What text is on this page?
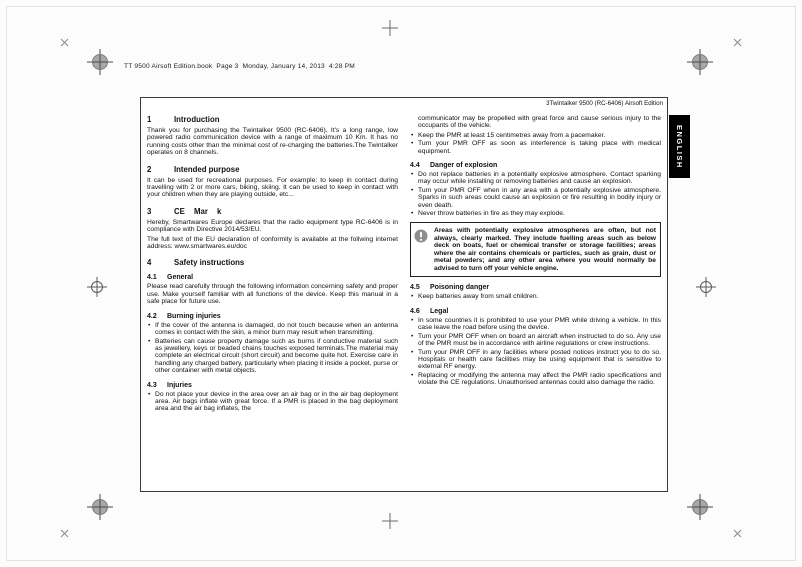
TT 9500 Airsoft Edition.book  Page 3  Monday, January 14, 2013  4:28 PM
3Twintalker 9500 (RC-6406) Airsoft Edition
1	Introduction

Thank you for purchasing the Twintalker 9500 (RC-6406). It's a long range, low powered radio communication device with a range of maximum 10 Km. It has no running costs other than the minimal cost of re-charging the batteries.The Twintalker operates on 8 channels.

2	Intended purpose

It can be used for recreational purposes. For example: to keep in contact during travelling with 2 or more cars, biking, skiing. It can be used to keep in contact with your children when they are playing outside, etc...

3	CE Mar k

Hereby, Smartwares Europe declares that the radio equipment type RC-6406 is in compliance with Directive 2014/53/EU.

The full text of the EU declaration of conformity is available at the follwing internet address: www.smartwares.eu/doc

4	Safety instructions
4.1	General

Please read carefully through the following information concerning safety and proper use. Make yourself familiar with all functions of the device. Keep this manual in a safe place for future use.

4.2	Burning injuries
• If the cover of the antenna is damaged, do not touch because when an antenna comes in contact with the skin, a minor burn may result when transmitting.
• Batteries can cause property damage such as burns if conductive material such as jewellery, keys or beaded chains touches exposed terminals.The material may complete an electrical circuit (short circuit) and become quite hot. Exercise care in handling any charged battery, particularly when placing it inside a pocket, purse or other container with metal objects.
4.3	Injuries
• Do not place your device in the area over an air bag or in the air bag deployment area. Air bags inflate with great force. If a PMR is placed in the bag deployment area and the air bag inflates, the

communicator may be propelled with great force and cause serious injury to the occupants of the vehicle.

• Keep the PMR at least 15 centimetres away from a pacemaker.
• Turn your PMR OFF as soon as interference is taking place with medical equipment.
4.4	Danger of explosion
• Do not replace batteries in a potentially explosive atmosphere. Contact sparking may occur while installing or removing batteries and cause an explosion.
• Turn your PMR OFF when in any area with a potentially explosive atmosphere. Sparks in such areas could cause an explosion or fire resulting in bodily injury or even death.
• Never throw batteries in fire as they may explode.
Areas with potentially explosive atmospheres are often, but not always, clearly marked. They include fuelling areas such as below deck on boats, fuel or chemical transfer or storage facilities; areas where the air contains chemicals or particles, such as grain, dust or metal powders; and any other area where you would normally be advised to turn off your vehicle engine.
4.5	Poisoning danger
• Keep batteries away from small children.
4.6	Legal
• In some countries it is prohibited to use your PMR while driving a vehicle. In this case leave the road before using the device.
• Turn your PMR OFF when on board an aircraft when instructed to do so. Any use of the PMR must be in accordance with airline regulations or crew instructions.
• Turn your PMR OFF in any facilities where posted notices instruct you to do so. Hospitals or health care facilities may be using equipment that is sensitive to external RF energy.
• Replacing or modifying the antenna may affect the PMR radio specifications and violate the CE regulations. Unauthorised antennas could also damage the radio.
ENGLISH
